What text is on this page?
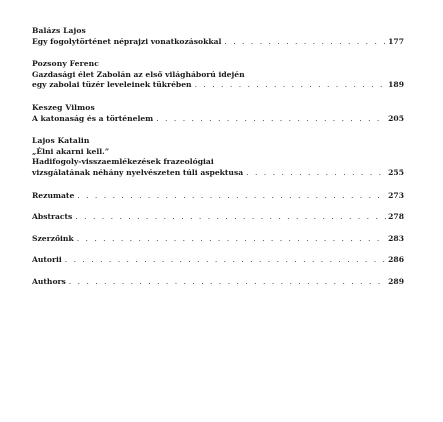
Balázs Lajos
Egy fogolytörténet néprajzi vonatkozásokkal . . .	177
Pozsony Ferenc
Gazdasági élet Zabolán az első világháború idején
egy zabolai tüzér leveleinek tükrében . . .	189
Keszeg Vilmos
A katonaság és a történelem . . .	205
Lajos Katalin
„Élni akarni kell.”
Hadifogoly-visszaemlékezések frazeológiai
vizsgálatának néhány nyelvészeten túli aspektusa . . .	255
Rezumate . . .	273
Abstracts . . .	278
Szerzőink . . .	283
Autorii . . .	286
Authors . . .	289
